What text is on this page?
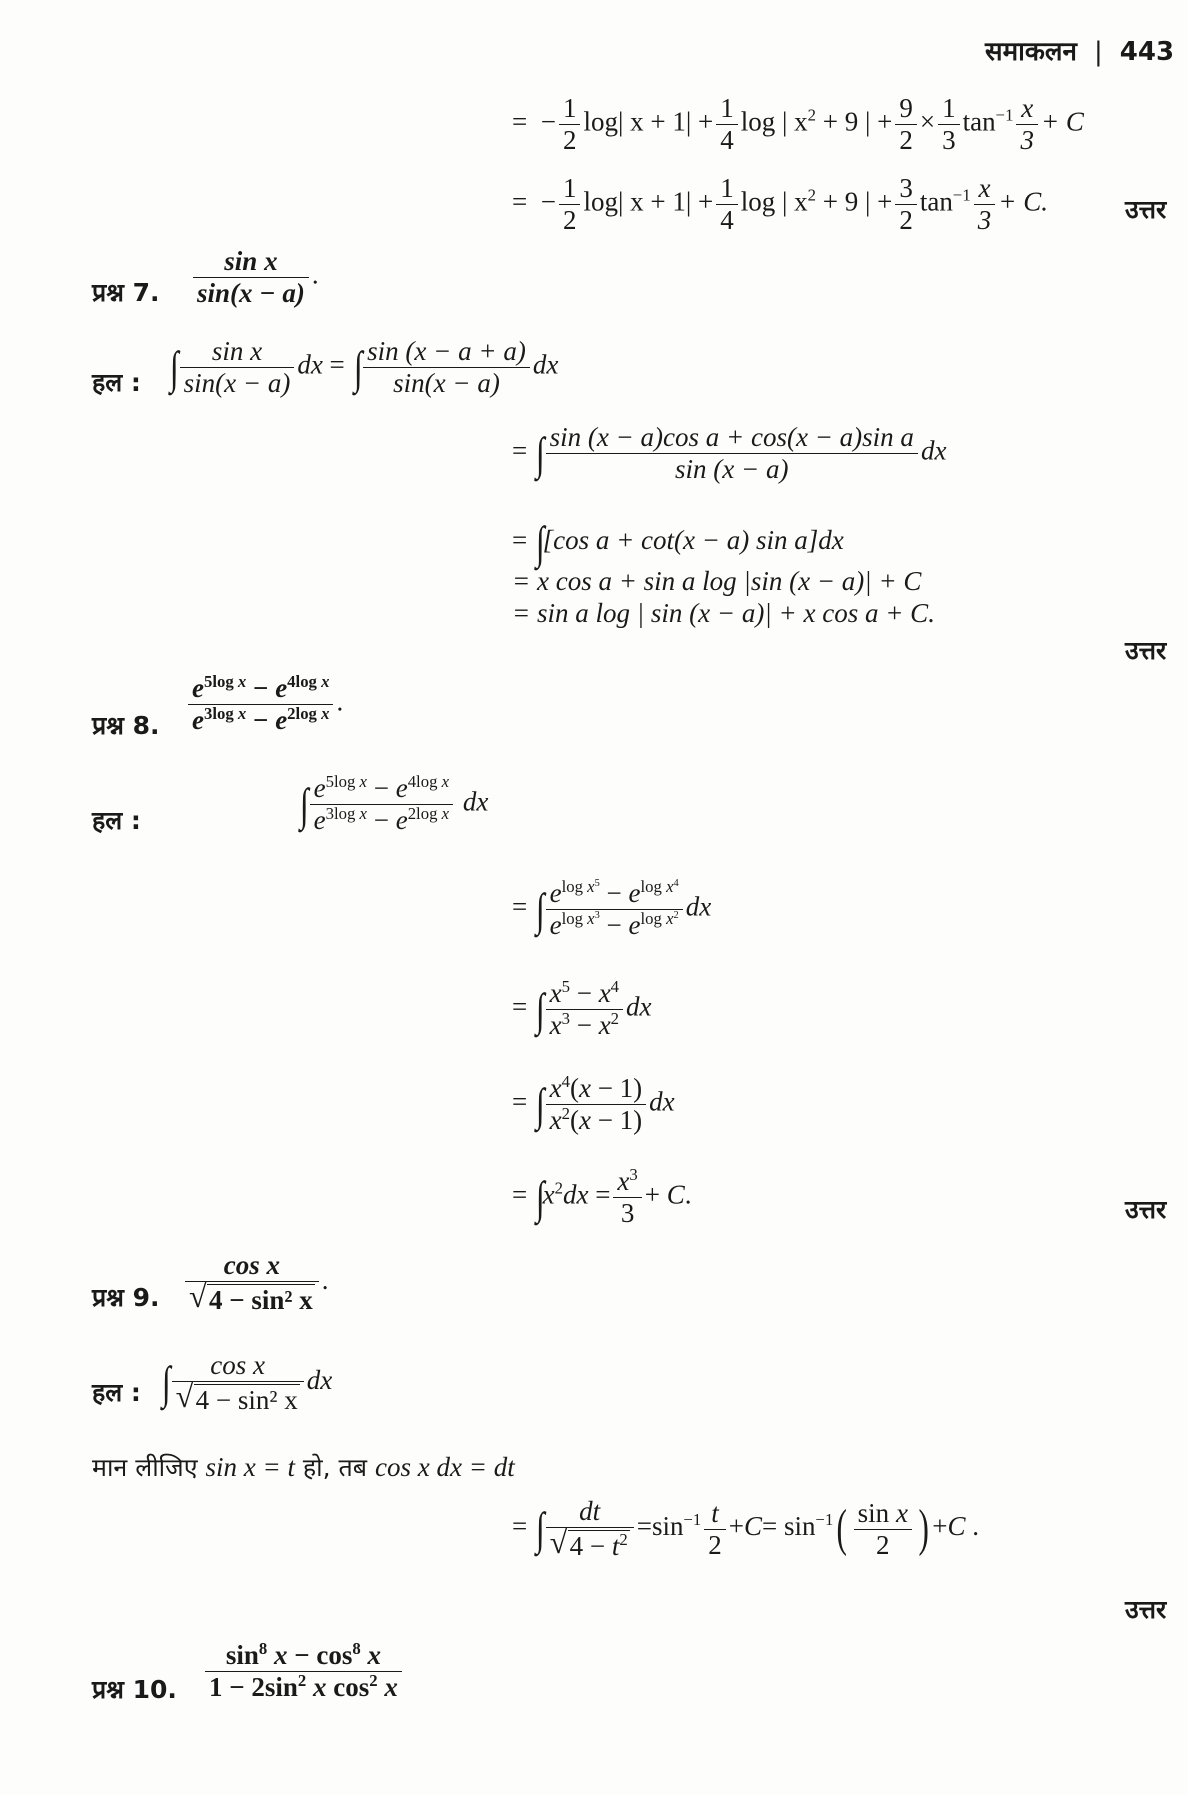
समाकलन | 443
=  − $\frac{1}{2} \log|$ $x + 1| + \frac{1}{4}$ log | $x^2 + 9$ | + $\frac{9}{2} \times \frac{1}{3} \tan^{-1} \frac{x}{3} + C$
=  − $\frac{1}{2} \log|$ $x + 1| + \frac{1}{4}$ log | $x^2 + 9$ | + $\frac{3}{2} \tan^{-1} \frac{x}{3} + C$.	उत्तर
प्रश्न 7. $\frac{\text{sin x}}{\sin(x - a)}$ .
हल : ∫ $\frac{\text{sin x}}{\sin(x - a)}$ dx = ∫ $\frac{\sin (x - a + a)}{\sin(x - a)}$ dx
= ∫ $\frac{\text{sin (x − a)cos a + cos(x − a)sin a}}{\sin (x - a)}$ dx
= ∫[cos a + cot(x − a) sin a]dx
= x cos a + sin a log |sin (x − a)| + C
= sin a log | sin (x − a)| + x cos a + C.
उत्तर
प्रश्न 8. $\frac{e^{5log x} - e^{4log x}}{e^{3log x} - e^{2log x}}$ .
हल :	∫ $\frac{e^{5log x} - e^{4log x}}{e^{3log x} - e^{2log x}}$ dx
= ∫ $\frac{e^{log x^5} - e^{log x^4}}{e^{log x^3} - e^{log x^2}}$ dx
= ∫ $\frac{x^5 - x^4}{x^3 - x^2}$ dx
= ∫ $\frac{x^4(x - 1)}{x^2(x - 1)}$ dx
= $\int x^2dx = \frac{x^3}{3} + C$.	उत्तर
प्रश्न 9. cos x
√ 4 − sin² x .
हल : ∫ cos x
√ 4 − sin² x dx
मान लीजिए sin x = t हो, तब cos x dx = dt
= ∫ dt
√ $4 - t^2 =\sin^{-1} \frac{t}{2} +C= \sin^{-1}( \frac{\text{sin x}}{2}$ ) +C .
उत्तर
प्रश्न 10. $\frac{\sin^8 x - \cos^8 x}{1 - 2\sin^2 x \cos^2 x}$
